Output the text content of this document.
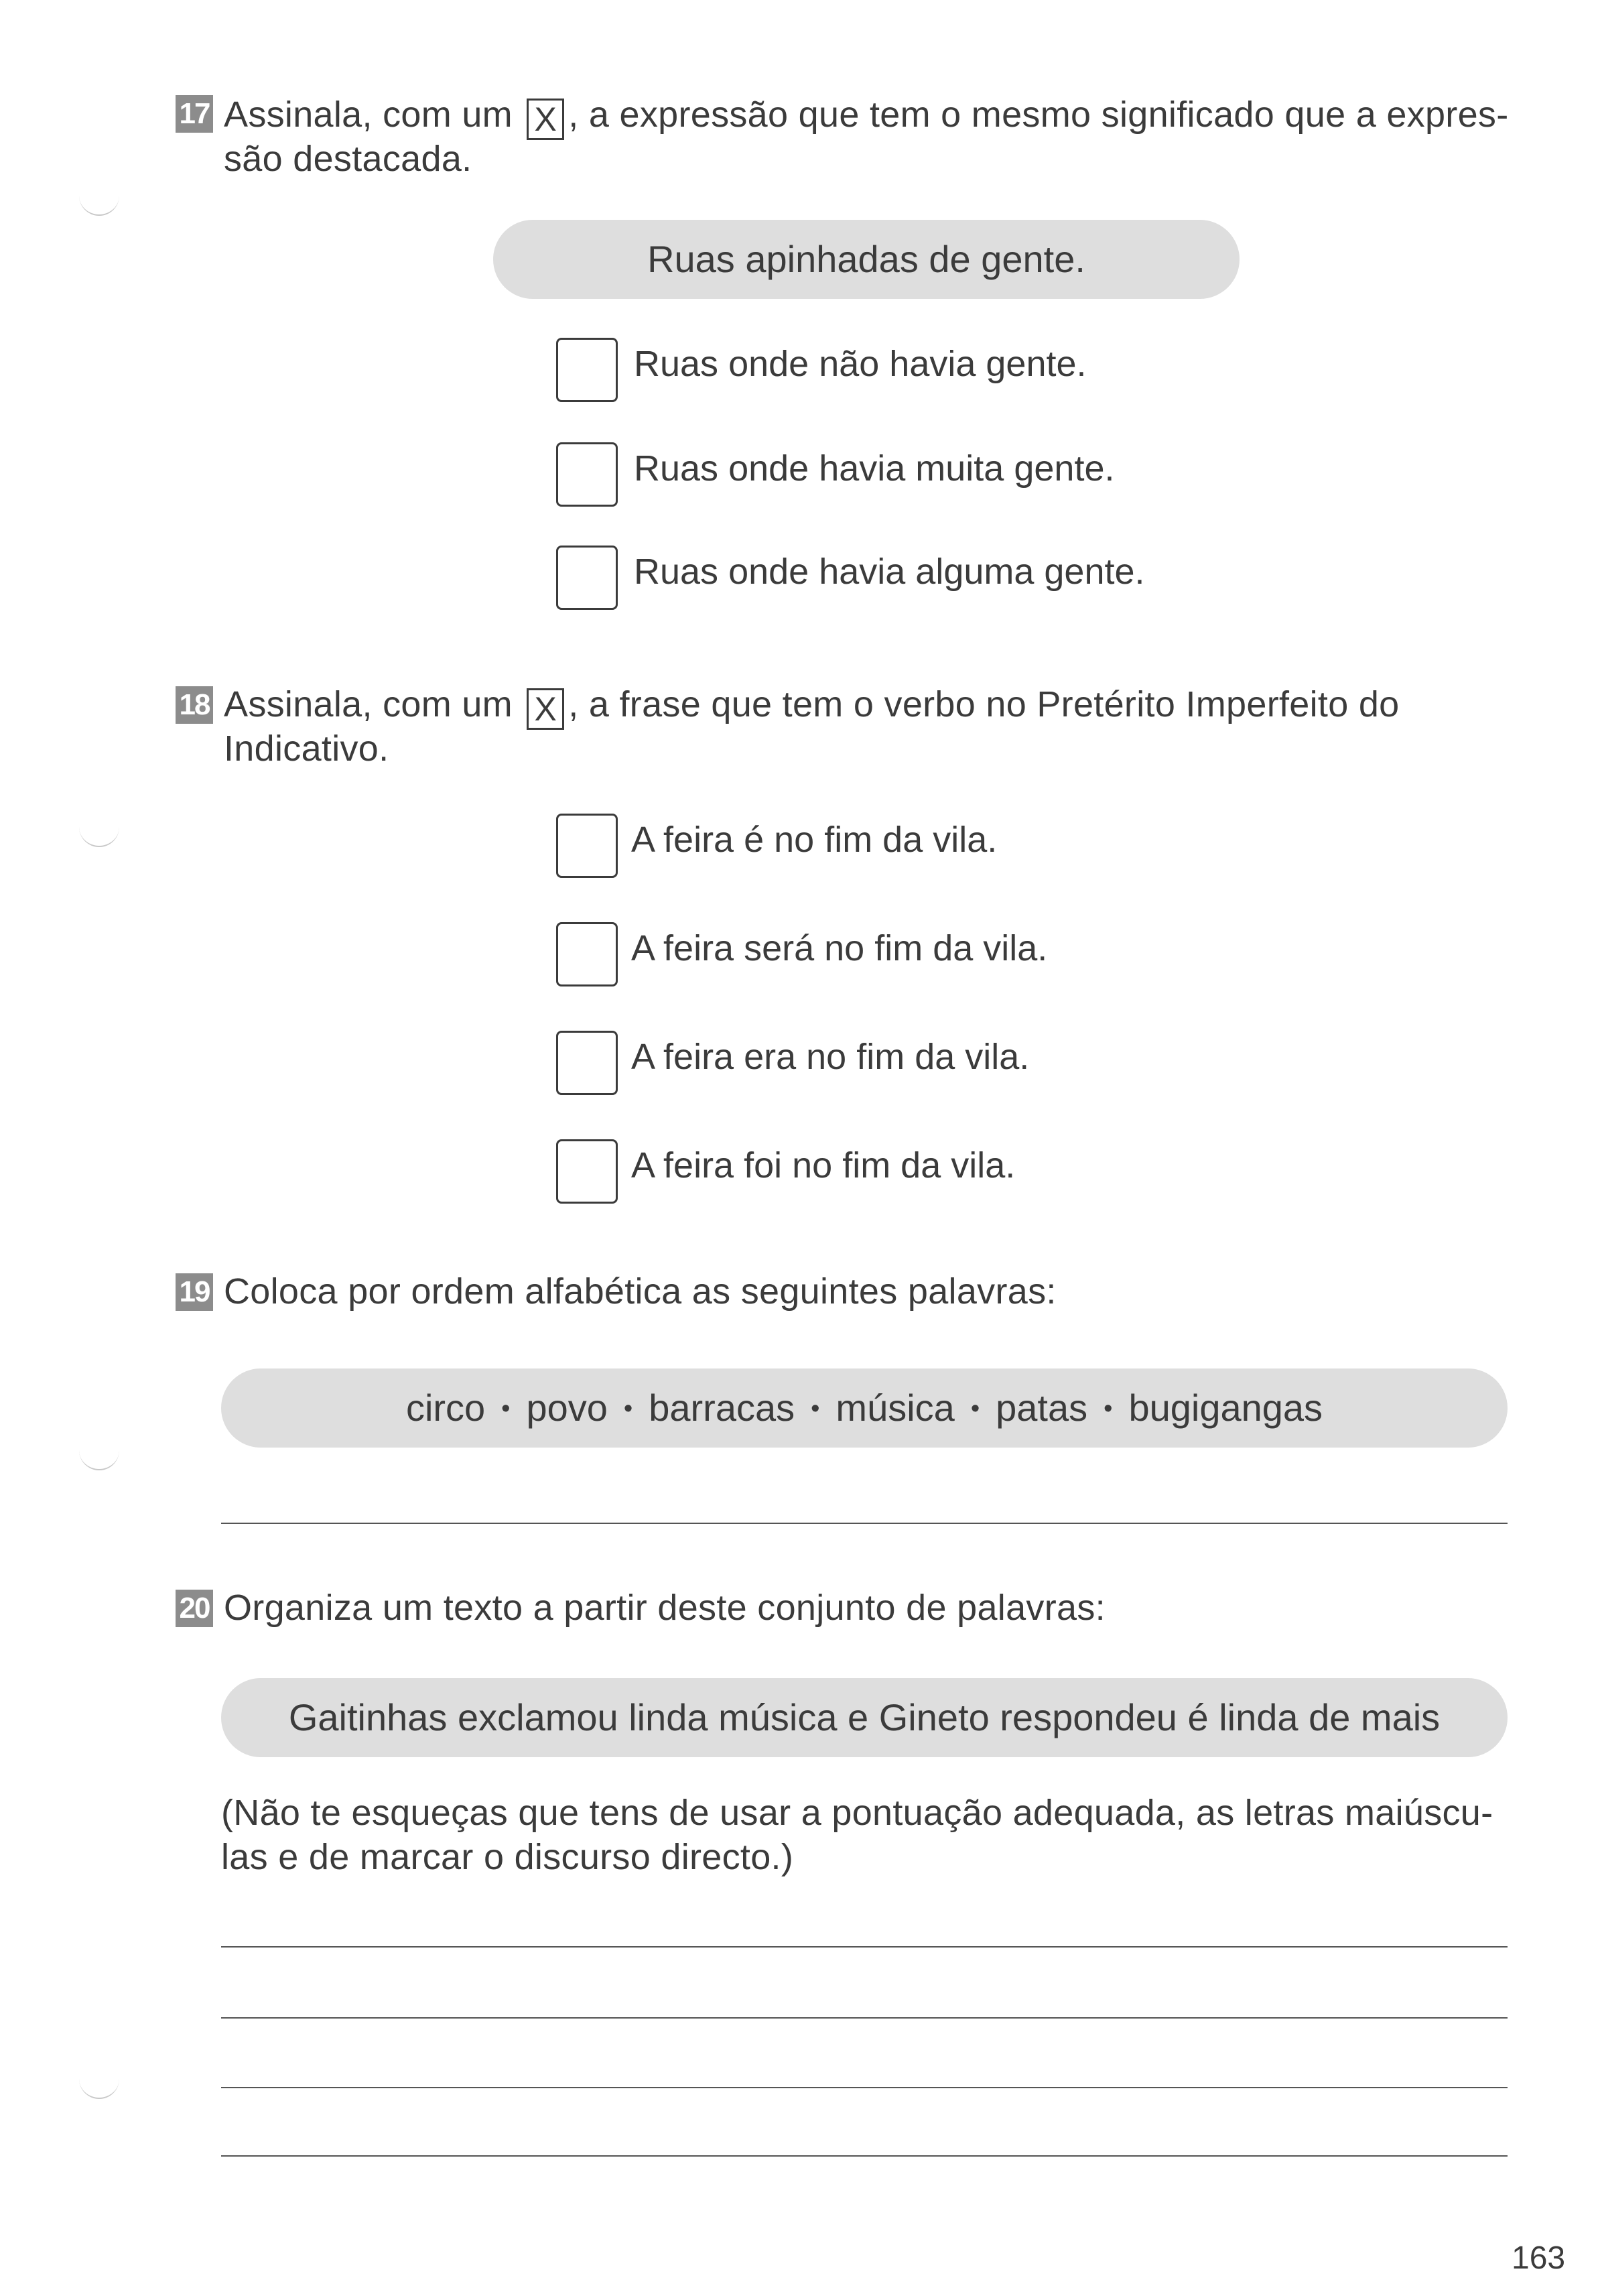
17 Assinala, com um X , a expressão que tem o mesmo significado que a expres-
são destacada.
Ruas apinhadas de gente.
Ruas onde não havia gente.
Ruas onde havia muita gente.
Ruas onde havia alguma gente.
18 Assinala, com um X , a frase que tem o verbo no Pretérito Imperfeito do
Indicativo.
A feira é no fim da vila.
A feira será no fim da vila.
A feira era no fim da vila.
A feira foi no fim da vila.
19 Coloca por ordem alfabética as seguintes palavras:
circo • povo • barracas • música • patas • bugigangas
20 Organiza um texto a partir deste conjunto de palavras:
Gaitinhas exclamou linda música e Gineto respondeu é linda de mais
(Não te esqueças que tens de usar a pontuação adequada, as letras maiúscu-
las e de marcar o discurso directo.)
163
